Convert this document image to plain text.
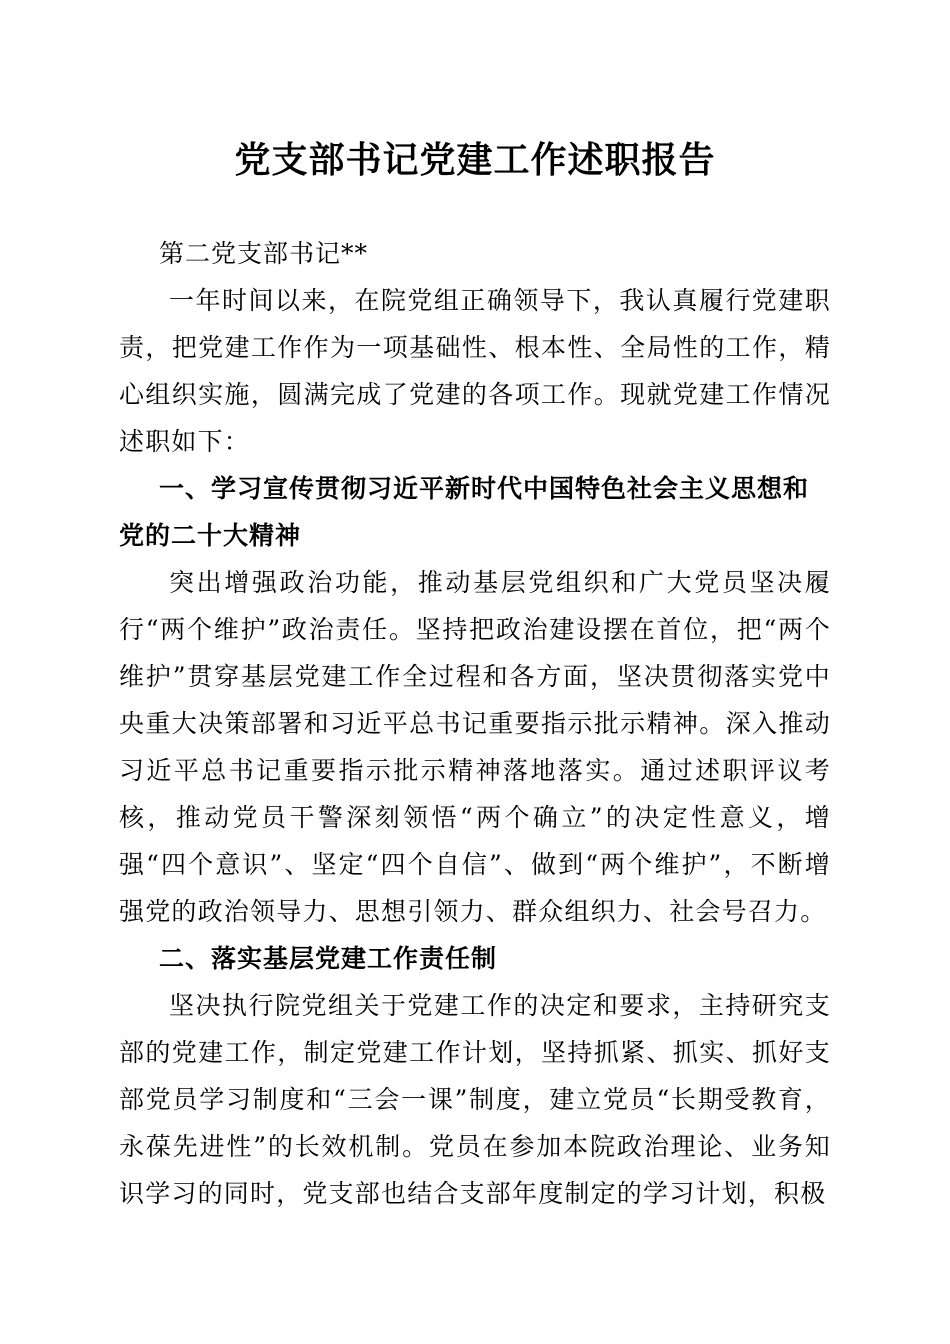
党支部书记党建工作述职报告

第二党支部书记**

一年时间以来，在院党组正确领导下，我认真履行党建职责，把党建工作作为一项基础性、根本性、全局性的工作，精心组织实施，圆满完成了党建的各项工作。现就党建工作情况述职如下：

一、学习宣传贯彻习近平新时代中国特色社会主义思想和党的二十大精神

突出增强政治功能，推动基层党组织和广大党员坚决履行“两个维护”政治责任。坚持把政治建设摆在首位，把“两个维护”贯穿基层党建工作全过程和各方面，坚决贯彻落实党中央重大决策部署和习近平总书记重要指示批示精神。深入推动习近平总书记重要指示批示精神落地落实。通过述职评议考核，推动党员干警深刻领悟“两个确立”的决定性意义，增强“四个意识”、坚定“四个自信”、做到“两个维护”，不断增强党的政治领导力、思想引领力、群众组织力、社会号召力。

二、落实基层党建工作责任制

坚决执行院党组关于党建工作的决定和要求，主持研究支部的党建工作，制定党建工作计划，坚持抓紧、抓实、抓好支部党员学习制度和“三会一课”制度，建立党员“长期受教育，永葆先进性”的长效机制。党员在参加本院政治理论、业务知识学习的同时，党支部也结合支部年度制定的学习计划，积极
